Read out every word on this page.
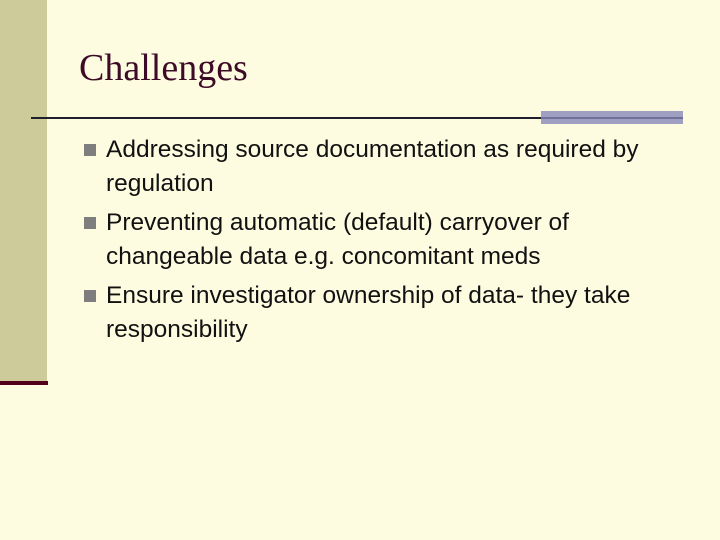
Challenges
Addressing source documentation as required by regulation
Preventing automatic (default) carryover of changeable data e.g. concomitant meds
Ensure investigator ownership of data- they take responsibility
